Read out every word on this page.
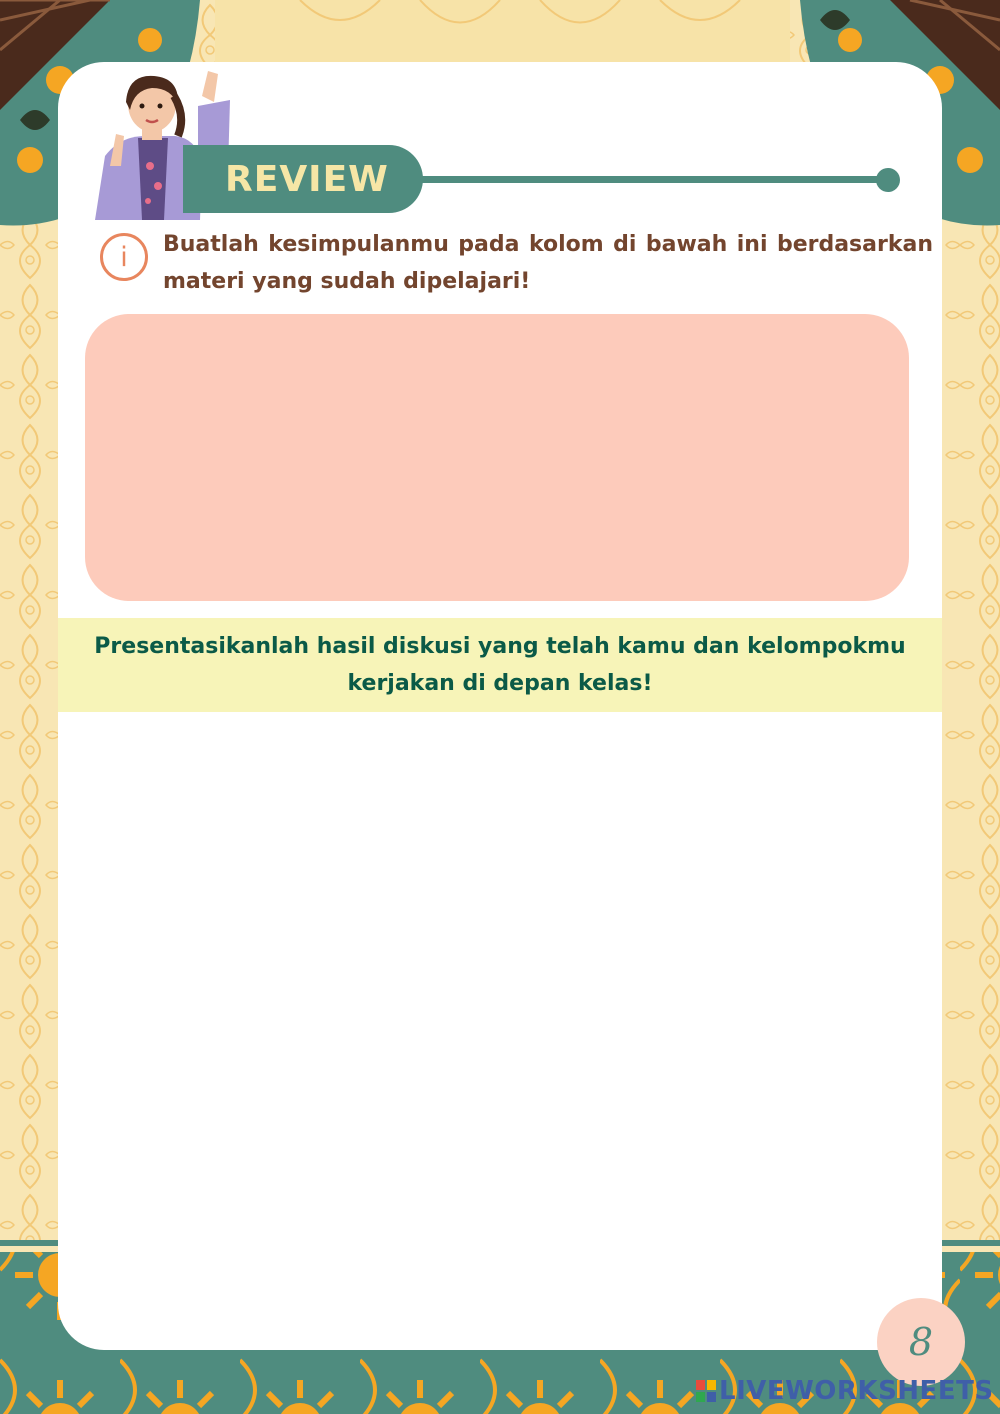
REVIEW
i Buatlah kesimpulanmu pada kolom di bawah ini berdasarkan materi yang sudah dipelajari!

Presentasikanlah hasil diskusi yang telah kamu dan kelompokmu
kerjakan di depan kelas!

8
LIVEWORKSHEETS
